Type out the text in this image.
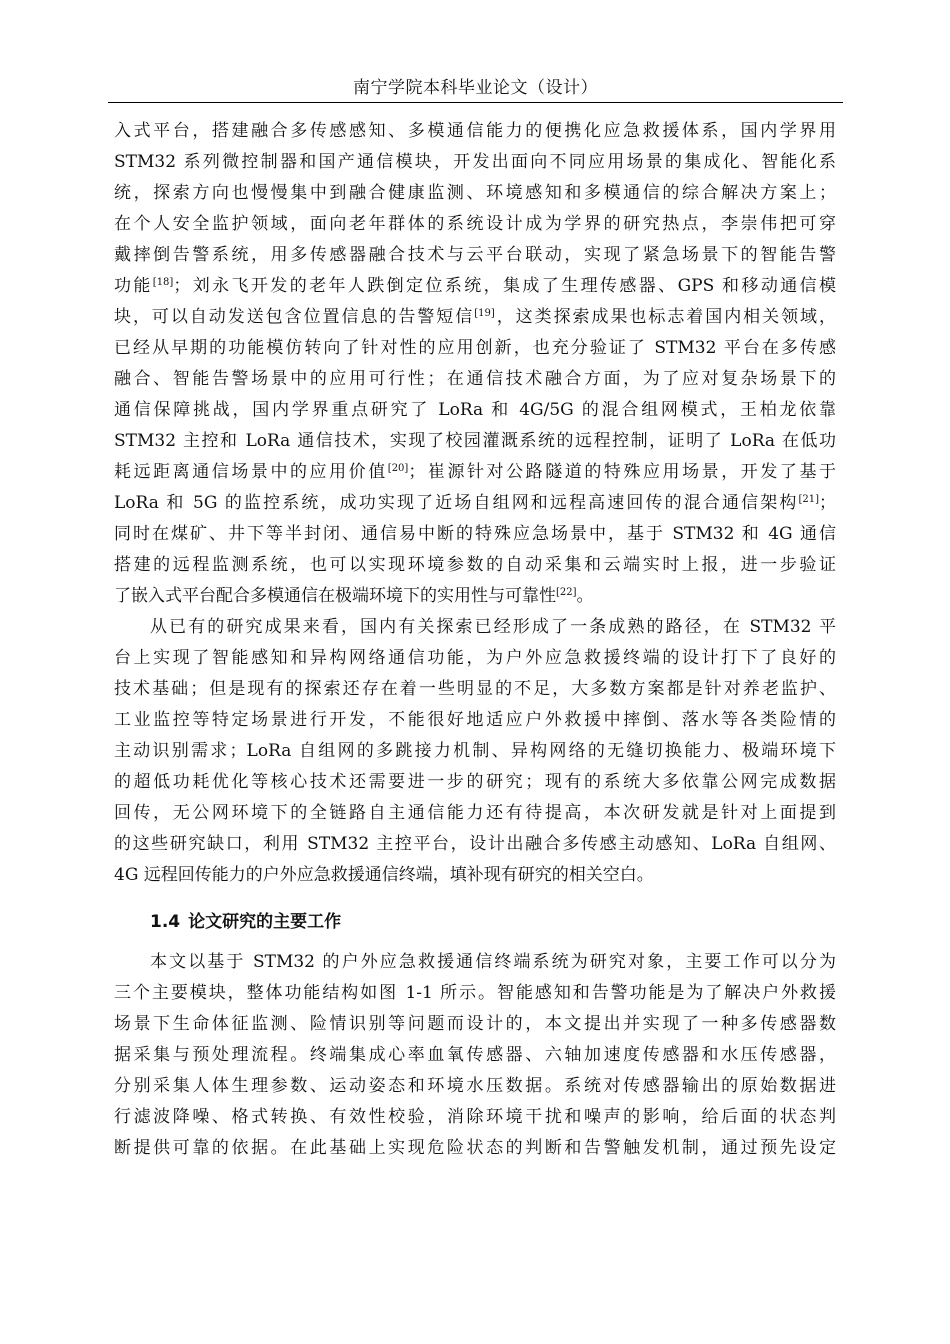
南宁学院本科毕业论文（设计）
入式平台，搭建融合多传感感知、多模通信能力的便携化应急救援体系，国内学界用
STM32 系列微控制器和国产通信模块，开发出面向不同应用场景的集成化、智能化系
统，探索方向也慢慢集中到融合健康监测、环境感知和多模通信的综合解决方案上；
在个人安全监护领域，面向老年群体的系统设计成为学界的研究热点，李崇伟把可穿
戴摔倒告警系统，用多传感器融合技术与云平台联动，实现了紧急场景下的智能告警
功能[18]；刘永飞开发的老年人跌倒定位系统，集成了生理传感器、GPS 和移动通信模
块，可以自动发送包含位置信息的告警短信[19]，这类探索成果也标志着国内相关领域，
已经从早期的功能模仿转向了针对性的应用创新，也充分验证了 STM32 平台在多传感
融合、智能告警场景中的应用可行性；在通信技术融合方面，为了应对复杂场景下的
通信保障挑战，国内学界重点研究了 LoRa 和 4G/5G 的混合组网模式，王柏龙依靠
STM32 主控和 LoRa 通信技术，实现了校园灌溉系统的远程控制，证明了 LoRa 在低功
耗远距离通信场景中的应用价值[20]；崔源针对公路隧道的特殊应用场景，开发了基于
LoRa 和 5G 的监控系统，成功实现了近场自组网和远程高速回传的混合通信架构[21]；
同时在煤矿、井下等半封闭、通信易中断的特殊应急场景中，基于 STM32 和 4G 通信
搭建的远程监测系统，也可以实现环境参数的自动采集和云端实时上报，进一步验证
了嵌入式平台配合多模通信在极端环境下的实用性与可靠性[22]。
从已有的研究成果来看，国内有关探索已经形成了一条成熟的路径，在 STM32 平
台上实现了智能感知和异构网络通信功能，为户外应急救援终端的设计打下了良好的
技术基础；但是现有的探索还存在着一些明显的不足，大多数方案都是针对养老监护、
工业监控等特定场景进行开发，不能很好地适应户外救援中摔倒、落水等各类险情的
主动识别需求；LoRa 自组网的多跳接力机制、异构网络的无缝切换能力、极端环境下
的超低功耗优化等核心技术还需要进一步的研究；现有的系统大多依靠公网完成数据
回传，无公网环境下的全链路自主通信能力还有待提高，本次研发就是针对上面提到
的这些研究缺口，利用 STM32 主控平台，设计出融合多传感主动感知、LoRa 自组网、
4G 远程回传能力的户外应急救援通信终端，填补现有研究的相关空白。
1.4 论文研究的主要工作
本文以基于 STM32 的户外应急救援通信终端系统为研究对象，主要工作可以分为
三个主要模块，整体功能结构如图 1-1 所示。智能感知和告警功能是为了解决户外救援
场景下生命体征监测、险情识别等问题而设计的，本文提出并实现了一种多传感器数
据采集与预处理流程。终端集成心率血氧传感器、六轴加速度传感器和水压传感器，
分别采集人体生理参数、运动姿态和环境水压数据。系统对传感器输出的原始数据进
行滤波降噪、格式转换、有效性校验，消除环境干扰和噪声的影响，给后面的状态判
断提供可靠的依据。在此基础上实现危险状态的判断和告警触发机制，通过预先设定
